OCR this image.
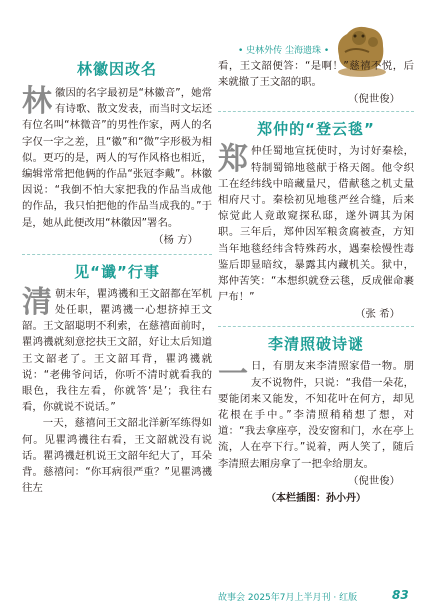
• 史林外传 尘海遗珠 •
林徽因改名
林 徽因的名字最初是“林徽音”，她常有诗歌、散文发表，而当时文坛还有位名叫“林微音”的男性作家，两人的名字仅一字之差，且“徽”和“微”字形极为相似。更巧的是，两人的写作风格也相近，编辑常常把他俩的作品“张冠李戴”。林徽因说：“我倒不怕大家把我的作品当成他的作品，我只怕把他的作品当成我的。”于是，她从此便改用“林徽因”署名。

（杨 方）
见“谶”行事
清 朝末年，瞿鸿禨和王文韶都在军机处任职，瞿鸿禨一心想挤掉王文韶。王文韶聪明不利索，在慈禧面前时，瞿鸿禨就刻意挖扶王文韶，好让太后知道王文韶老了。王文韶耳背，瞿鸿禨就说：“老佛爷问话，你听不清时就看我的眼色，我往左看，你就答‘是’；我往右看，你就说不说话。”

一天，慈禧问王文韶北洋新军练得如何。见瞿鸿禨往右看，王文韶就没有说话。瞿鸿禨赶机说王文韶年纪大了，耳朵背。慈禧问：“你耳病很严重？”见瞿鸿禨往左

看，王文韶便答：“是啊！”慈禧不悦，后来就撤了王文韶的职。

（倪世俊）
郑仲的“登云毯”
郑 仲任蜀地宣抚使时，为讨好秦桧，特制蜀锦地毯献于格天阁。他令织工在经纬线中暗藏量尺，借献毯之机丈量相府尺寸。秦桧初见地毯严丝合缝，后来惊觉此人竟敢窥探私邸，遂外调其为闲职。三年后，郑仲因军粮贪腐被查，方知当年地毯经纬含特殊药水，遇秦桧慢性毒鉴后即显暗纹，暴露其内藏机关。狱中，郑仲苦笑：“本想织就登云毯，反成催命裹尸布！”

（张 希）
李清照破诗谜
一 日，有朋友来李清照家借一物。朋友不说物件，只说：“我借一朵花，要能闭来又能发，不知花叶在何方，却见花根在手中。”李清照稍稍想了想，对道：“我去拿座亭，没安窗和门，水在亭上流，人在亭下行。”说着，两人笑了，随后李清照去厢房拿了一把伞给朋友。

（倪世俊）
（本栏插图：孙小丹）
故事会 2025年7月上半月刊 · 红版	83
